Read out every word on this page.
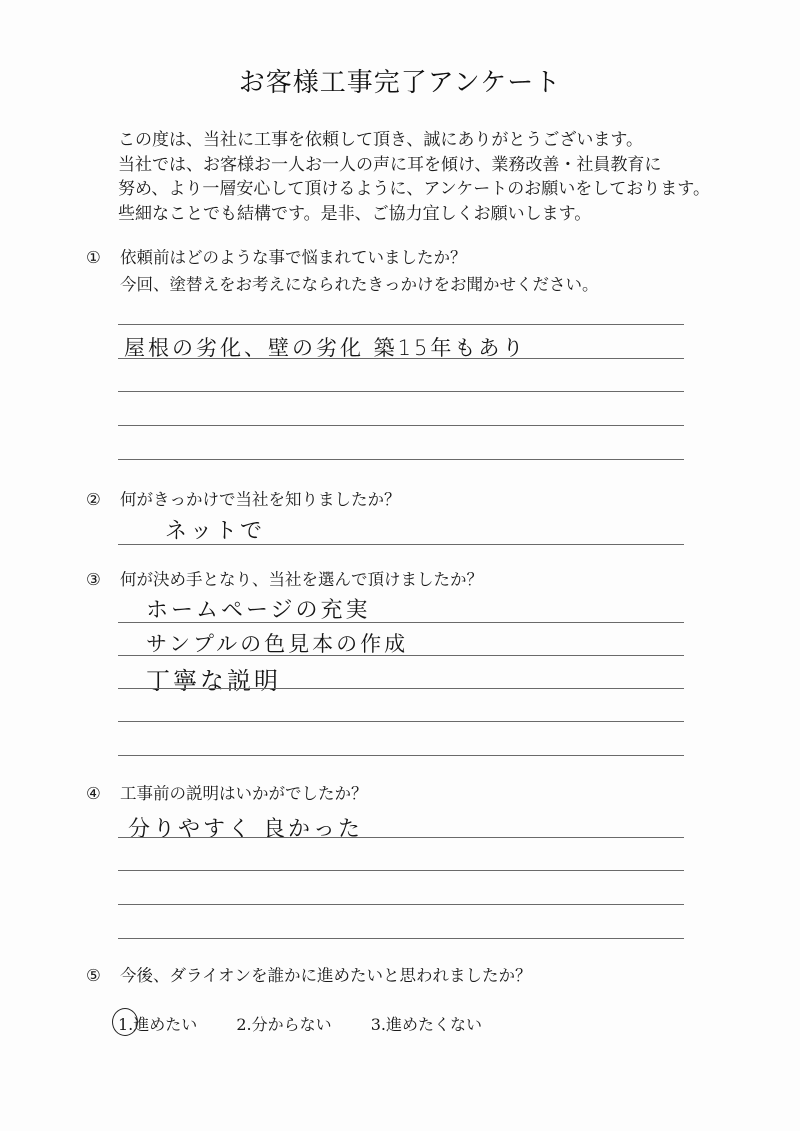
お客様工事完了アンケート
この度は、当社に工事を依頼して頂き、誠にありがとうございます。
当社では、お客様お一人お一人の声に耳を傾け、業務改善・社員教育に
努め、より一層安心して頂けるように、アンケートのお願いをしております。
些細なことでも結構です。是非、ご協力宜しくお願いします。
① 依頼前はどのような事で悩まれていましたか？
今回、塗替えをお考えになられたきっかけをお聞かせください。
屋根の劣化、壁の劣化 築15年もあり
② 何がきっかけで当社を知りましたか？
ネットで
③ 何が決め手となり、当社を選んで頂けましたか？
ホームページの充実
サンプルの色見本の作成
丁寧な説明
④ 工事前の説明はいかがでしたか？
分りやすく 良かった
⑤ 今後、ダライオンを誰かに進めたいと思われましたか？
1.進めたい 2.分からない 3.進めたくない
